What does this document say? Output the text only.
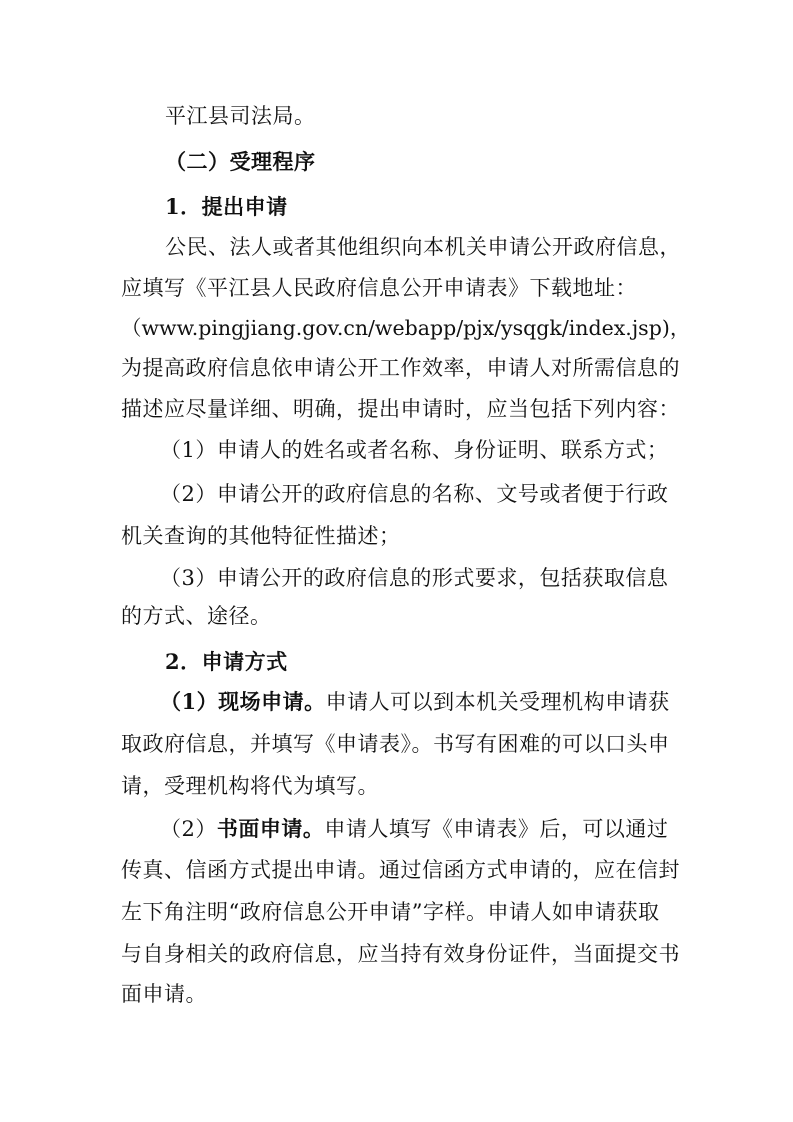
平江县司法局。
（二）受理程序
1．提出申请
公民、法人或者其他组织向本机关申请公开政府信息，
应填写《平江县人民政府信息公开申请表》下载地址：
（www.pingjiang.gov.cn/webapp/pjx/ysqgk/index.jsp)，
为提高政府信息依申请公开工作效率，申请人对所需信息的
描述应尽量详细、明确，提出申请时，应当包括下列内容：
（1）申请人的姓名或者名称、身份证明、联系方式；
（2）申请公开的政府信息的名称、文号或者便于行政
机关查询的其他特征性描述；
（3）申请公开的政府信息的形式要求，包括获取信息
的方式、途径。
2．申请方式
（1）现场申请。申请人可以到本机关受理机构申请获
取政府信息，并填写《申请表》。书写有困难的可以口头申
请，受理机构将代为填写。
（2）书面申请。申请人填写《申请表》后，可以通过
传真、信函方式提出申请。通过信函方式申请的，应在信封
左下角注明“政府信息公开申请”字样。申请人如申请获取
与自身相关的政府信息，应当持有效身份证件，当面提交书
面申请。
